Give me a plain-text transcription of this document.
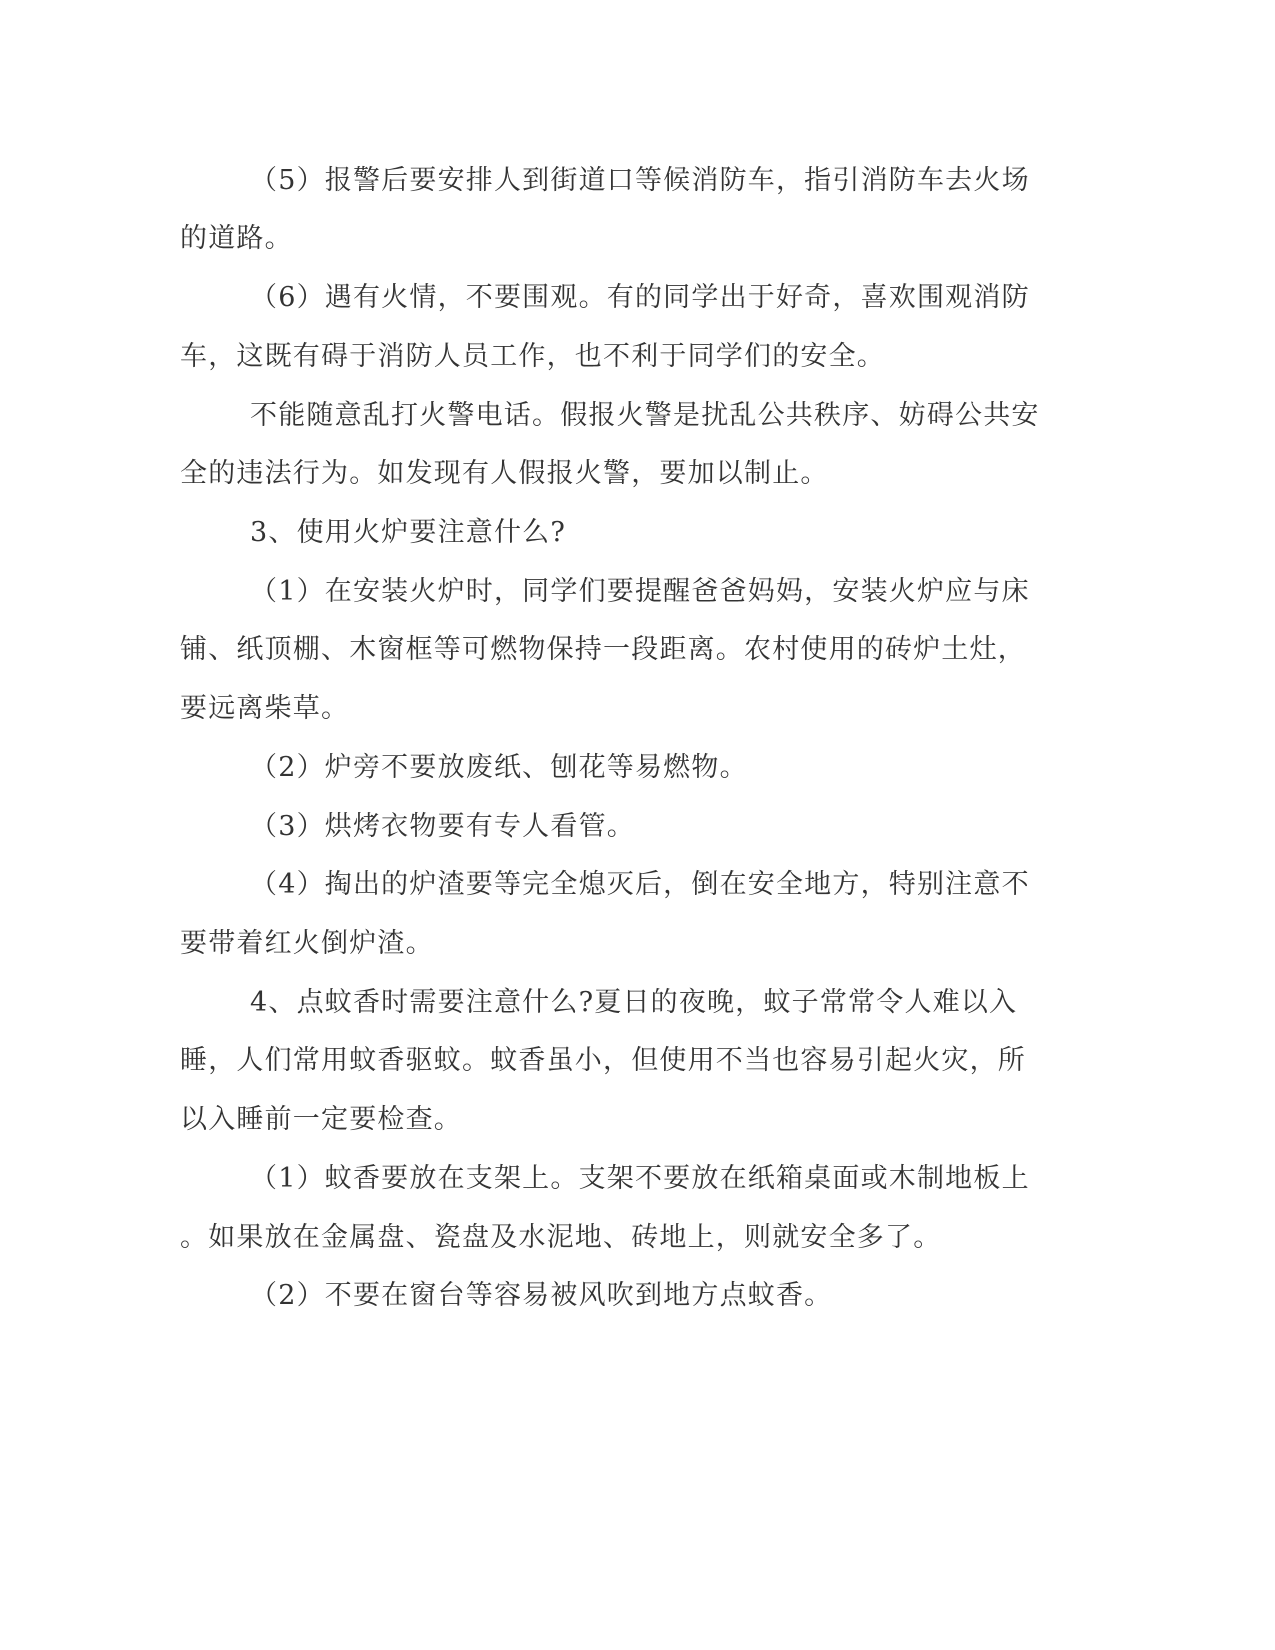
（5）报警后要安排人到街道口等候消防车，指引消防车去火场

的道路。

（6）遇有火情，不要围观。有的同学出于好奇，喜欢围观消防

车，这既有碍于消防人员工作，也不利于同学们的安全。

不能随意乱打火警电话。假报火警是扰乱公共秩序、妨碍公共安

全的违法行为。如发现有人假报火警，要加以制止。

3、使用火炉要注意什么?

（1）在安装火炉时，同学们要提醒爸爸妈妈，安装火炉应与床

铺、纸顶棚、木窗框等可燃物保持一段距离。农村使用的砖炉土灶，

要远离柴草。

（2）炉旁不要放废纸、刨花等易燃物。

（3）烘烤衣物要有专人看管。

（4）掏出的炉渣要等完全熄灭后，倒在安全地方，特别注意不

要带着红火倒炉渣。

4、点蚊香时需要注意什么?夏日的夜晚，蚊子常常令人难以入

睡，人们常用蚊香驱蚊。蚊香虽小，但使用不当也容易引起火灾，所

以入睡前一定要检查。

（1）蚊香要放在支架上。支架不要放在纸箱桌面或木制地板上

。如果放在金属盘、瓷盘及水泥地、砖地上，则就安全多了。

（2）不要在窗台等容易被风吹到地方点蚊香。
